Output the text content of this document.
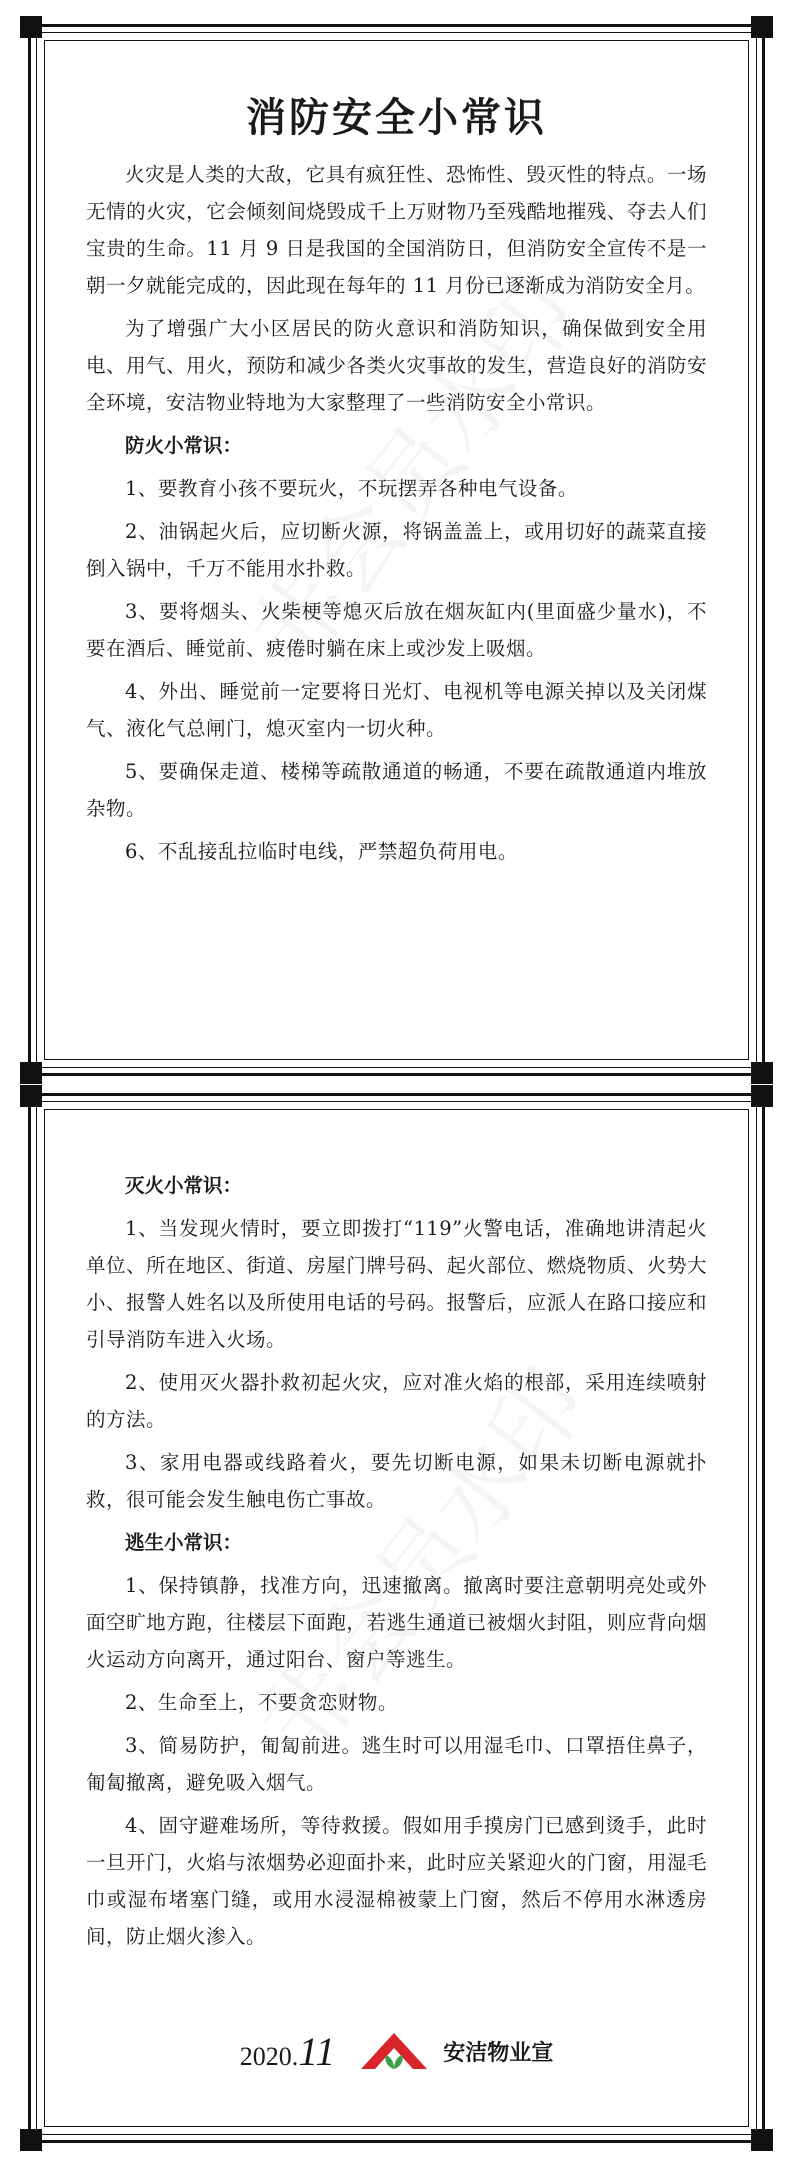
消防安全小常识

火灾是人类的大敌，它具有疯狂性、恐怖性、毁灭性的特点。一场无情的火灾，它会倾刻间烧毁成千上万财物乃至残酷地摧残、夺去人们宝贵的生命。11 月 9 日是我国的全国消防日，但消防安全宣传不是一朝一夕就能完成的，因此现在每年的 11 月份已逐渐成为消防安全月。

为了增强广大小区居民的防火意识和消防知识，确保做到安全用电、用气、用火，预防和减少各类火灾事故的发生，营造良好的消防安全环境，安洁物业特地为大家整理了一些消防安全小常识。

防火小常识：

1、要教育小孩不要玩火，不玩摆弄各种电气设备。

2、油锅起火后，应切断火源，将锅盖盖上，或用切好的蔬菜直接倒入锅中，千万不能用水扑救。

3、要将烟头、火柴梗等熄灭后放在烟灰缸内(里面盛少量水)，不要在酒后、睡觉前、疲倦时躺在床上或沙发上吸烟。

4、外出、睡觉前一定要将日光灯、电视机等电源关掉以及关闭煤气、液化气总闸门，熄灭室内一切火种。

5、要确保走道、楼梯等疏散通道的畅通，不要在疏散通道内堆放杂物。

6、不乱接乱拉临时电线，严禁超负荷用电。

灭火小常识：

1、当发现火情时，要立即拨打“119”火警电话，准确地讲清起火单位、所在地区、街道、房屋门牌号码、起火部位、燃烧物质、火势大小、报警人姓名以及所使用电话的号码。报警后，应派人在路口接应和引导消防车进入火场。

2、使用灭火器扑救初起火灾，应对准火焰的根部，采用连续喷射的方法。

3、家用电器或线路着火，要先切断电源，如果未切断电源就扑救，很可能会发生触电伤亡事故。

逃生小常识：

1、保持镇静，找准方向，迅速撤离。撤离时要注意朝明亮处或外面空旷地方跑，往楼层下面跑，若逃生通道已被烟火封阻，则应背向烟火运动方向离开，通过阳台、窗户等逃生。

2、生命至上，不要贪恋财物。

3、简易防护，匍匐前进。逃生时可以用湿毛巾、口罩捂住鼻子，匍匐撤离，避免吸入烟气。

4、固守避难场所，等待救援。假如用手摸房门已感到烫手，此时一旦开门，火焰与浓烟势必迎面扑来，此时应关紧迎火的门窗，用湿毛巾或湿布堵塞门缝，或用水浸湿棉被蒙上门窗，然后不停用水淋透房间，防止烟火渗入。

2020.11	安洁物业宣
